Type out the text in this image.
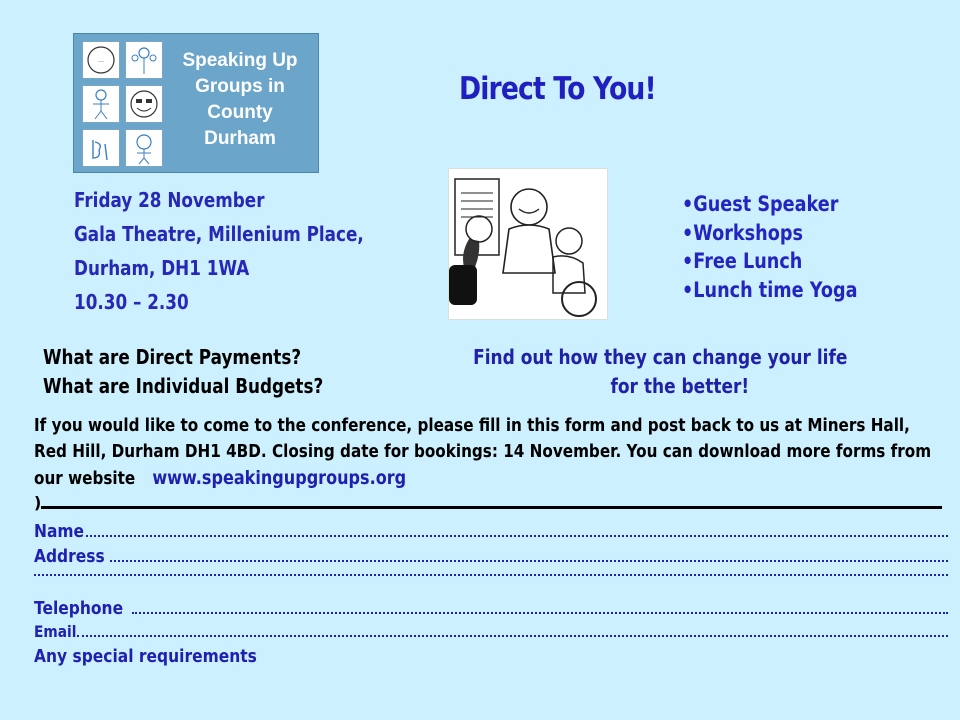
…	Speaking Up
Groups in
County
Durham
Direct To You!
Friday 28 November
Gala Theatre, Millenium Place,
Durham, DH1 1WA
10.30 – 2.30
•Guest Speaker
•Workshops
•Free Lunch
•Lunch time Yoga
What are Direct Payments?
What are Individual Budgets?
Find out how they can change your life
for the better!
If you would like to come to the conference, please fill in this form and post back to us at Miners Hall, Red Hill, Durham DH1 4BD. Closing date for bookings: 14 November. You can download more forms from our website www.speakingupgroups.org
)
Name
Address
Telephone
Email
Any special requirements
